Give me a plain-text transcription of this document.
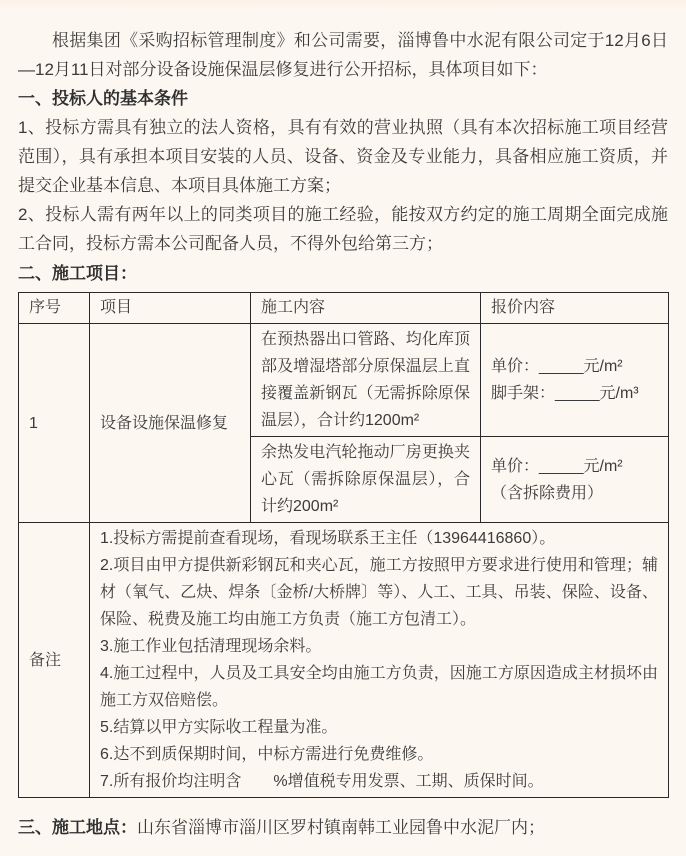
根据集团《采购招标管理制度》和公司需要，淄博鲁中水泥有限公司定于12月6日—12月11日对部分设备设施保温层修复进行公开招标，具体项目如下：

一、投标人的基本条件

1、投标方需具有独立的法人资格，具有有效的营业执照（具有本次招标施工项目经营范围），具有承担本项目安装的人员、设备、资金及专业能力，具备相应施工资质，并提交企业基本信息、本项目具体施工方案；

2、投标人需有两年以上的同类项目的施工经验，能按双方约定的施工周期全面完成施工合同，投标方需本公司配备人员，不得外包给第三方；

二、施工项目：
序号	项目	施工内容	报价内容
1	设备设施保温修复	在预热器出口管路、均化库顶部及增湿塔部分原保温层上直接覆盖新钢瓦（无需拆除原保温层），合计约1200m²	单价：_____元/m²
脚手架：_____元/m³

		余热发电汽轮拖动厂房更换夹心瓦（需拆除原保温层），合计约200m²	单价：_____元/m²
（含拆除费用）

备注	
1.投标方需提前查看现场，看现场联系王主任（13964416860）。
2.项目由甲方提供新彩钢瓦和夹心瓦，施工方按照甲方要求进行使用和管理；辅材（氧气、乙炔、焊条〔金桥/大桥牌〕等）、人工、工具、吊装、保险、设备、保险、税费及施工均由施工方负责（施工方包清工）。
3.施工作业包括清理现场余料。
4.施工过程中，人员及工具安全均由施工方负责，因施工方原因造成主材损坏由施工方双倍赔偿。
5.结算以甲方实际收工程量为准。
6.达不到质保期时间，中标方需进行免费维修。
7.所有报价均注明含　　%增值税专用发票、工期、质保时间。

三、施工地点：山东省淄博市淄川区罗村镇南韩工业园鲁中水泥厂内；
